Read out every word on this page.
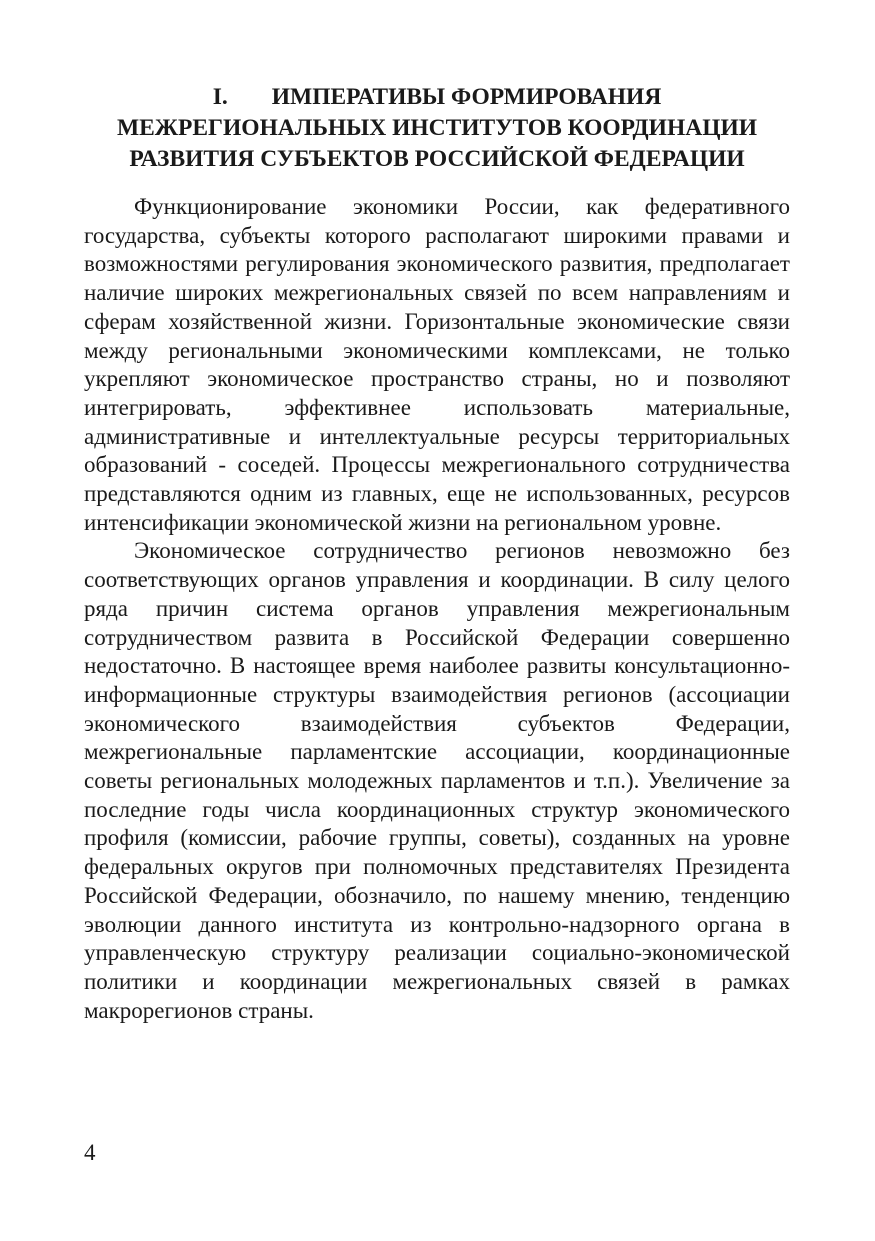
I. ИМПЕРАТИВЫ ФОРМИРОВАНИЯ
МЕЖРЕГИОНАЛЬНЫХ ИНСТИТУТОВ КООРДИНАЦИИ
РАЗВИТИЯ СУБЪЕКТОВ РОССИЙСКОЙ ФЕДЕРАЦИИ

Функционирование экономики России, как федеративного государства, субъекты которого располагают широкими правами и возможностями регулирования экономического развития, предполагает наличие широких межрегиональных связей по всем направлениям и сферам хозяйственной жизни. Горизонтальные экономические связи между региональными экономическими комплексами, не только укрепляют экономическое пространство страны, но и позволяют интегрировать, эффективнее использовать материальные, административные и интеллектуальные ресурсы территориальных образований - соседей. Процессы межрегионального сотрудничества представляются одним из главных, еще не использованных, ресурсов интенсификации экономической жизни на региональном уровне.

Экономическое сотрудничество регионов невозможно без соответствующих органов управления и координации. В силу целого ряда причин система органов управления межрегиональным сотрудничеством развита в Российской Федерации совершенно недостаточно. В настоящее время наиболее развиты консультационно-информационные структуры взаимодействия регионов (ассоциации экономического взаимодействия субъектов Федерации, межрегиональные парламентские ассоциации, координационные советы региональных молодежных парламентов и т.п.). Увеличение за последние годы числа координационных структур экономического профиля (комиссии, рабочие группы, советы), созданных на уровне федеральных округов при полномочных представителях Президента Российской Федерации, обозначило, по нашему мнению, тенденцию эволюции данного института из контрольно-надзорного органа в управленческую структуру реализации социально-экономической политики и координации межрегиональных связей в рамках макрорегионов страны.

4
